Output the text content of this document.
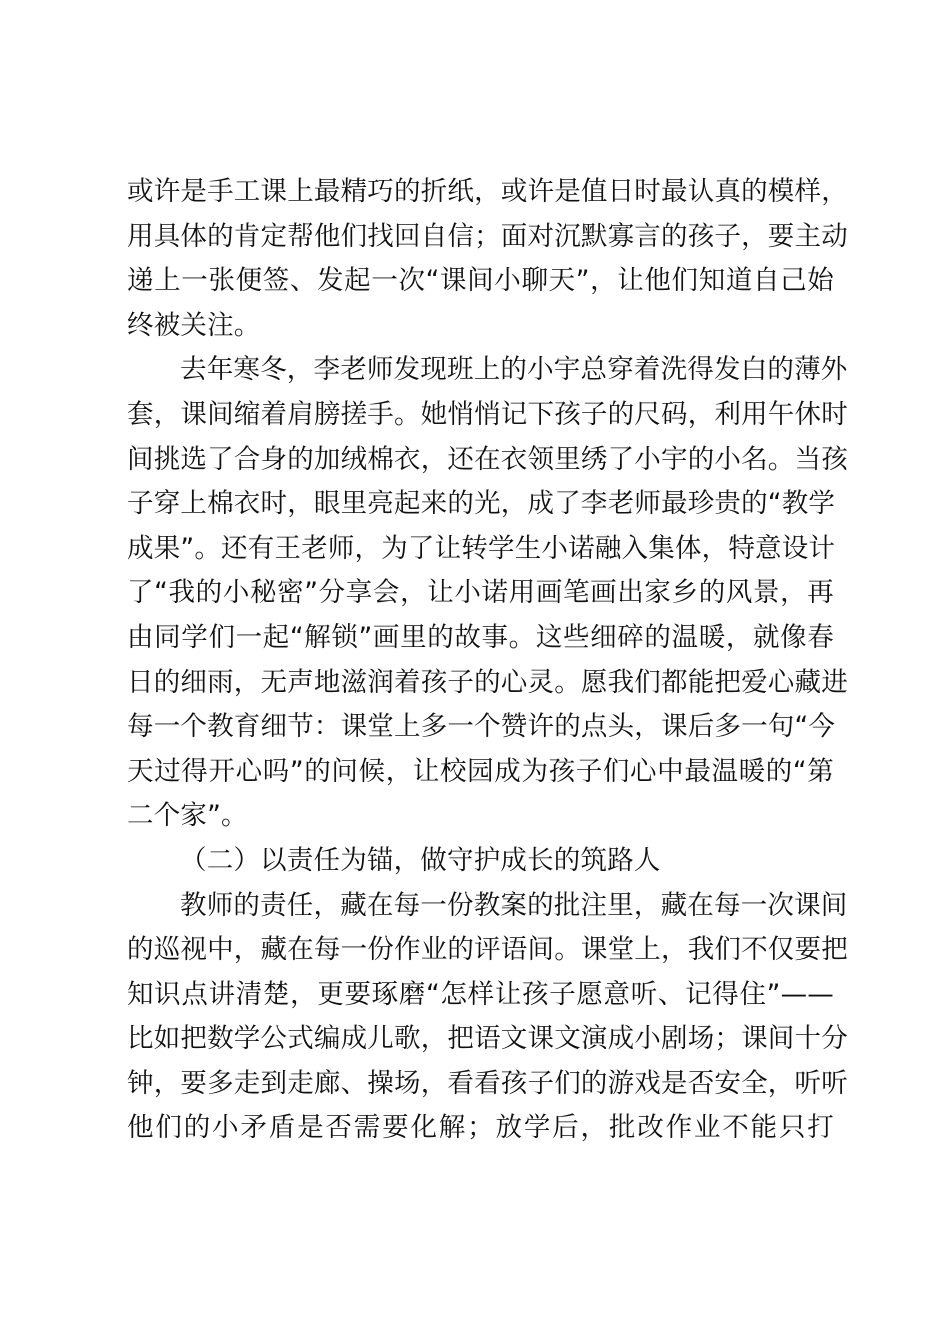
或许是手工课上最精巧的折纸，或许是值日时最认真的模样，
用具体的肯定帮他们找回自信；面对沉默寡言的孩子，要主动
递上一张便签、发起一次“课间小聊天”，让他们知道自己始
终被关注。
去年寒冬，李老师发现班上的小宇总穿着洗得发白的薄外
套，课间缩着肩膀搓手。她悄悄记下孩子的尺码，利用午休时
间挑选了合身的加绒棉衣，还在衣领里绣了小宇的小名。当孩
子穿上棉衣时，眼里亮起来的光，成了李老师最珍贵的“教学
成果”。还有王老师，为了让转学生小诺融入集体，特意设计
了“我的小秘密”分享会，让小诺用画笔画出家乡的风景，再
由同学们一起“解锁”画里的故事。这些细碎的温暖，就像春
日的细雨，无声地滋润着孩子的心灵。愿我们都能把爱心藏进
每一个教育细节：课堂上多一个赞许的点头，课后多一句“今
天过得开心吗”的问候，让校园成为孩子们心中最温暖的“第
二个家”。
（二）以责任为锚，做守护成长的筑路人
教师的责任，藏在每一份教案的批注里，藏在每一次课间
的巡视中，藏在每一份作业的评语间。课堂上，我们不仅要把
知识点讲清楚，更要琢磨“怎样让孩子愿意听、记得住”——
比如把数学公式编成儿歌，把语文课文演成小剧场；课间十分
钟，要多走到走廊、操场，看看孩子们的游戏是否安全，听听
他们的小矛盾是否需要化解；放学后，批改作业不能只打
